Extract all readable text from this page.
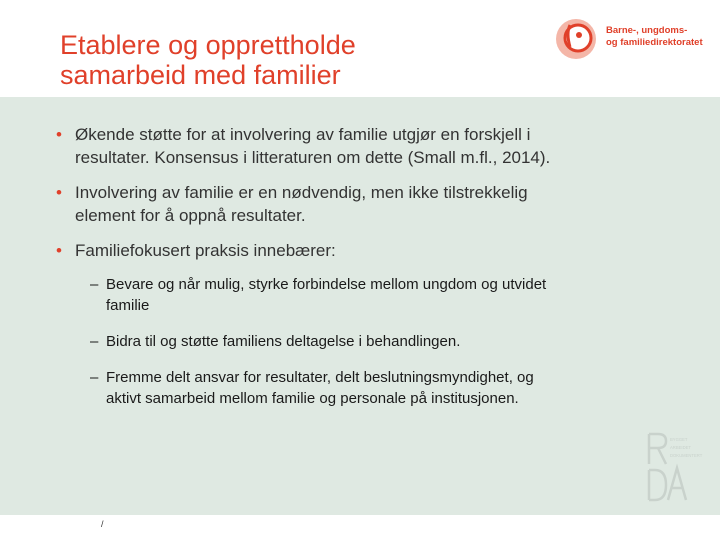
Etablere og opprettholde
samarbeid med familier
Barne-, ungdoms-
og familiedirektoratet
• Økende støtte for at involvering av familie utgjør en forskjell i
resultater. Konsensus i litteraturen om dette (Small m.fl., 2014).
• Involvering av familie er en nødvendig, men ikke tilstrekkelig
element for å oppnå resultater.
• Familiefokusert praksis innebærer:
– Bevare og når mulig, styrke forbindelse mellom ungdom og utvidet
familie
– Bidra til og støtte familiens deltagelse i behandlingen.
– Fremme delt ansvar for resultater, delt beslutningsmyndighet, og
aktivt samarbeid mellom familie og personale på institusjonen.
BYGGET
ARBEIDET
DOKUMENTERT
/
